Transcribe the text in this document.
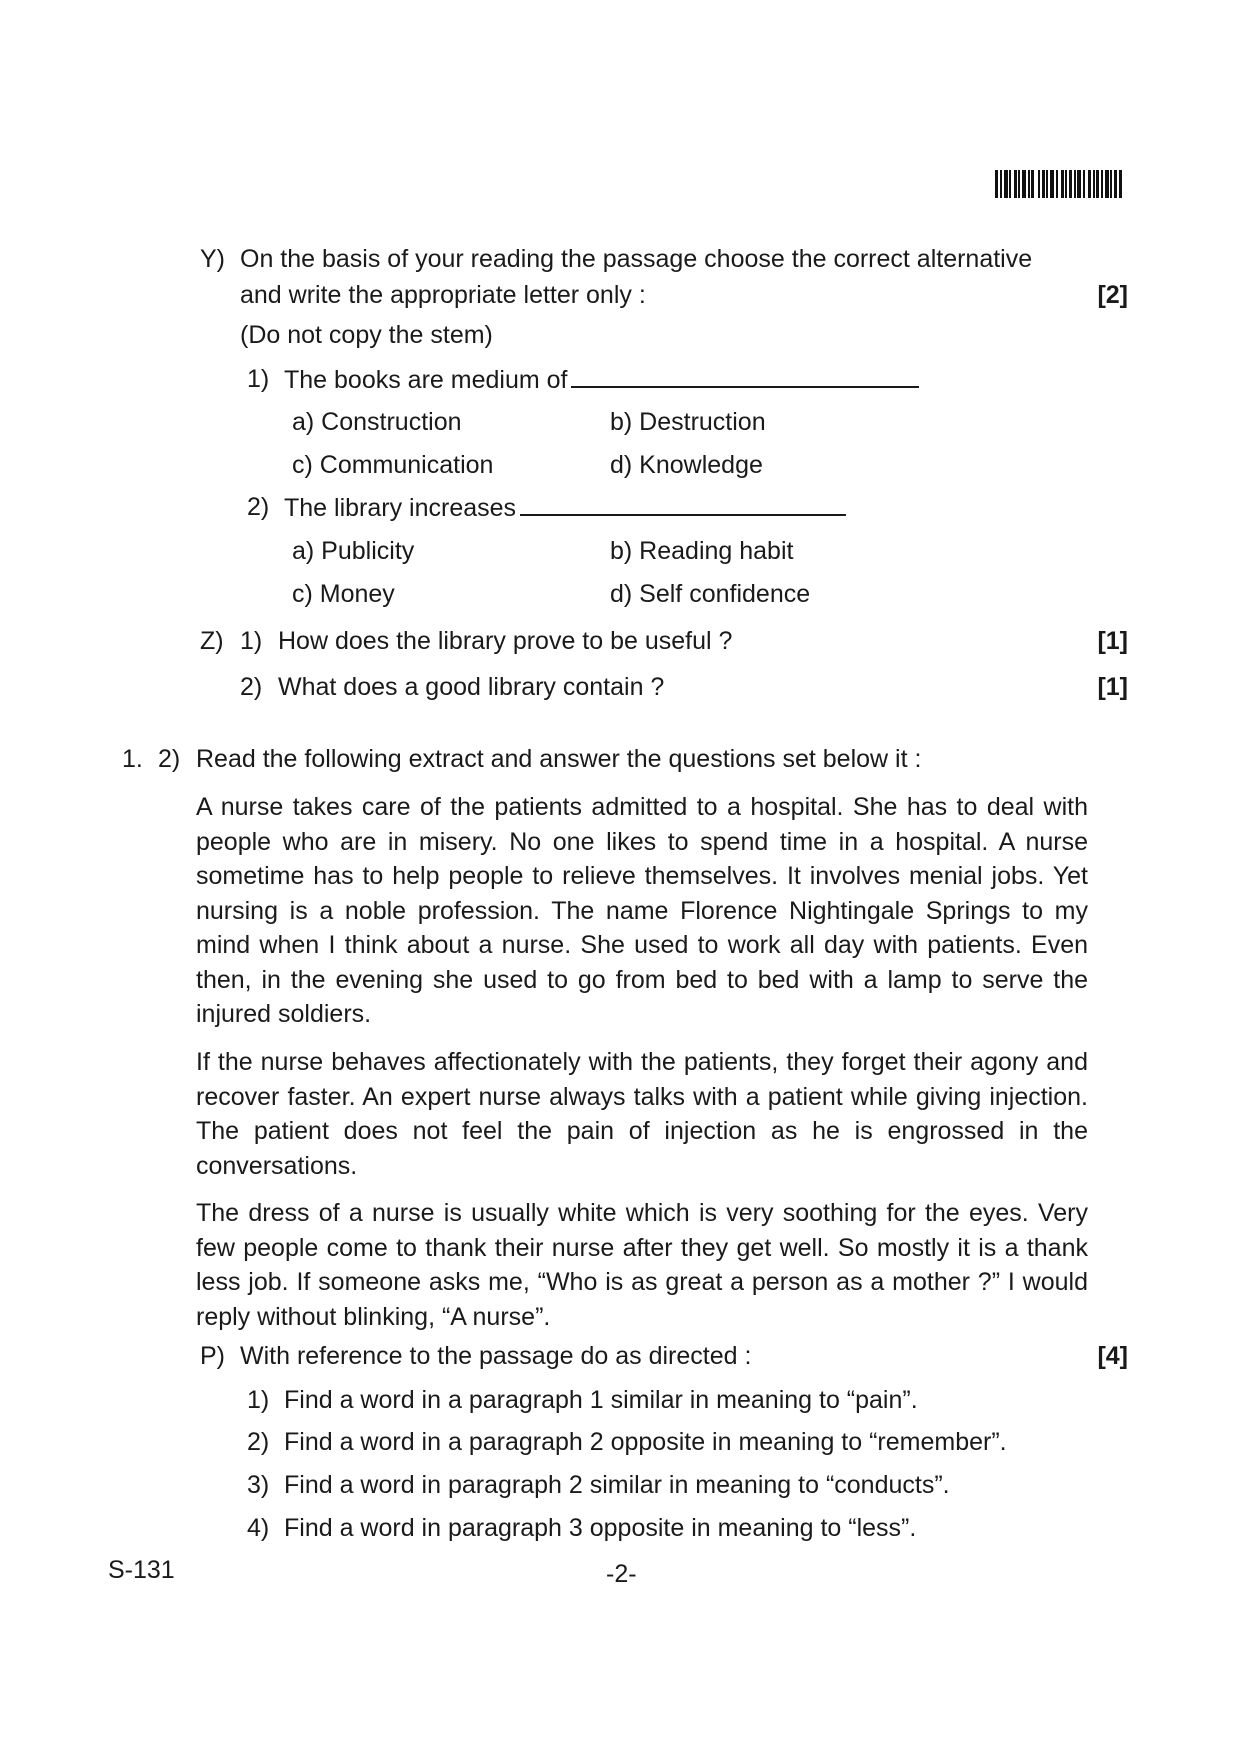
Y) On the basis of your reading the passage choose the correct alternative
and write the appropriate letter only :	[2]
(Do not copy the stem)
1) The books are medium of
a) Construction	b) Destruction
c) Communication	d) Knowledge
2) The library increases
a) Publicity	b) Reading habit
c) Money	d) Self confidence
Z) 1) How does the library prove to be useful ?	[1]
2) What does a good library contain ?	[1]
1. 2) Read the following extract and answer the questions set below it :
A nurse takes care of the patients admitted to a hospital. She has to deal with people who are in misery. No one likes to spend time in a hospital. A nurse sometime has to help people to relieve themselves. It involves menial jobs. Yet nursing is a noble profession. The name Florence Nightingale Springs to my mind when I think about a nurse. She used to work all day with patients. Even then, in the evening she used to go from bed to bed with a lamp to serve the injured soldiers.
If the nurse behaves affectionately with the patients, they forget their agony and recover faster. An expert nurse always talks with a patient while giving injection. The patient does not feel the pain of injection as he is engrossed in the conversations.
The dress of a nurse is usually white which is very soothing for the eyes. Very few people come to thank their nurse after they get well. So mostly it is a thank less job. If someone asks me, “Who is as great a person as a mother ?” I would reply without blinking, “A nurse”.
P) With reference to the passage do as directed :	[4]
1) Find a word in a paragraph 1 similar in meaning to “pain”.
2) Find a word in a paragraph 2 opposite in meaning to “remember”.
3) Find a word in paragraph 2 similar in meaning to “conducts”.
4) Find a word in paragraph 3 opposite in meaning to “less”.
S-131	-2-
